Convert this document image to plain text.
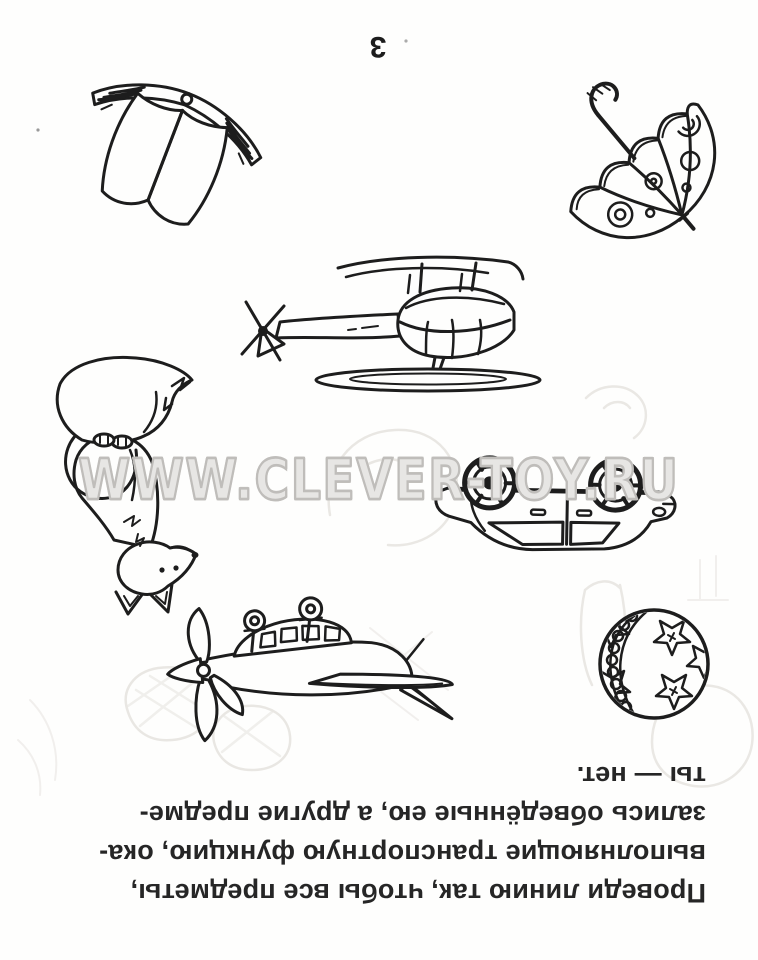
3
WWW.CLEVER-TOY.RU
Проведи линию так, чтобы все предметы,
выполняющие транспортную функцию, ока-
зались обведённые ею, а другие предме-
ты — нет.
